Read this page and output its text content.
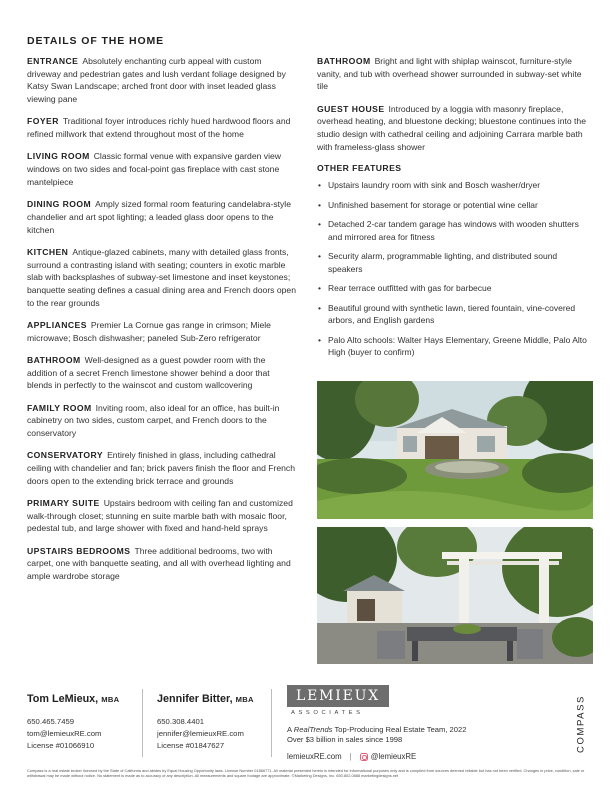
DETAILS OF THE HOME
ENTRANCE Absolutely enchanting curb appeal with custom driveway and pedestrian gates and lush verdant foliage designed by Katsy Swan Landscape; arched front door with inset leaded glass viewing pane
FOYER Traditional foyer introduces richly hued hardwood floors and refined millwork that extend throughout most of the home
LIVING ROOM Classic formal venue with expansive garden view windows on two sides and focal-point gas fireplace with cast stone mantelpiece
DINING ROOM Amply sized formal room featuring candelabra-style chandelier and art spot lighting; a leaded glass door opens to the kitchen
KITCHEN Antique-glazed cabinets, many with detailed glass fronts, surround a contrasting island with seating; counters in exotic marble slab with backsplashes of subway-set limestone and inset keystones; banquette seating defines a casual dining area and French doors open to the rear grounds
APPLIANCES Premier La Cornue gas range in crimson; Miele microwave; Bosch dishwasher; paneled Sub-Zero refrigerator
BATHROOM Well-designed as a guest powder room with the addition of a secret French limestone shower behind a door that blends in perfectly to the wainscot and custom wallcovering
FAMILY ROOM Inviting room, also ideal for an office, has built-in cabinetry on two sides, custom carpet, and French doors to the conservatory
CONSERVATORY Entirely finished in glass, including cathedral ceiling with chandelier and fan; brick pavers finish the floor and French doors open to the extending brick terrace and grounds
PRIMARY SUITE Upstairs bedroom with ceiling fan and customized walk-through closet; stunning en suite marble bath with mosaic floor, pedestal tub, and large shower with fixed and hand-held sprays
UPSTAIRS BEDROOMS Three additional bedrooms, two with carpet, one with banquette seating, and all with overhead lighting and ample wardrobe storage
BATHROOM Bright and light with shiplap wainscot, furniture-style vanity, and tub with overhead shower surrounded in subway-set white tile
GUEST HOUSE Introduced by a loggia with masonry fireplace, overhead heating, and bluestone decking; bluestone continues into the studio design with cathedral ceiling and adjoining Carrara marble bath with frameless-glass shower
OTHER FEATURES
• Upstairs laundry room with sink and Bosch washer/dryer
• Unfinished basement for storage or potential wine cellar
• Detached 2-car tandem garage has windows with wooden shutters and mirrored area for fitness
• Security alarm, programmable lighting, and distributed sound speakers
• Rear terrace outfitted with gas for barbecue
• Beautiful ground with synthetic lawn, tiered fountain, vine-covered arbors, and English gardens
• Palo Alto schools: Walter Hays Elementary, Greene Middle, Palo Alto High (buyer to confirm)
Tom LeMieux, MBA
650.465.7459
tom@lemieuxRE.com
License #01066910
Jennifer Bitter, MBA
650.308.4401
jennifer@lemieuxRE.com
License #01847627
LEMIEUX
ASSOCIATES
A RealTrends Top-Producing Real Estate Team, 2022
Over $3 billion in sales since 1998
lemieuxRE.com | @lemieuxRE
COMPASS
Compass is a real estate broker licensed by the State of California and abides by Equal Housing Opportunity laws. License Number 01866771. All material presented herein is intended for informational purposes only and is compiled from sources deemed reliable but has not been verified. Changes in price, condition, sale or withdrawal may be made without notice. No statement is made as to accuracy of any description. All measurements and square footage are approximate. ©Marketing Designs, Inc. 650.802.0888 marketingdesigns.net
